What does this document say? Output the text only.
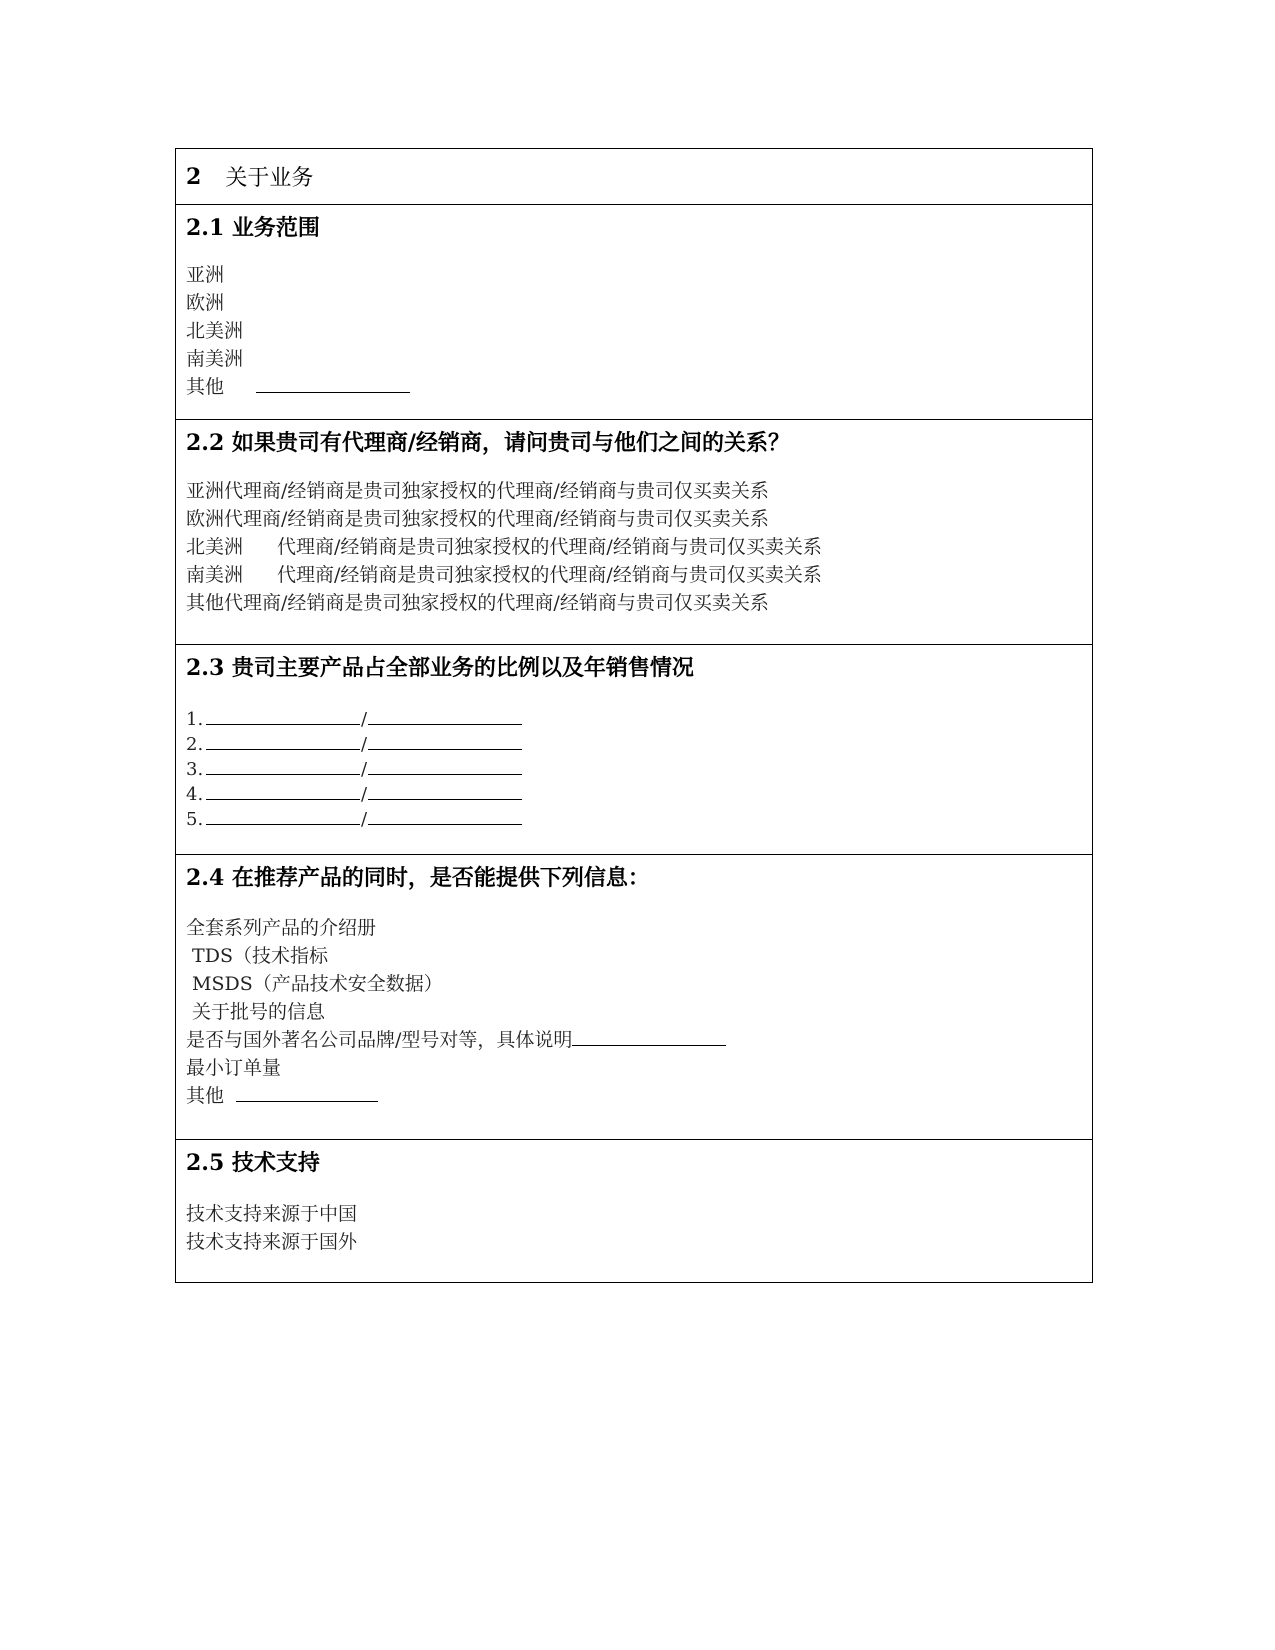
2 关于业务
2.1 业务范围
亚洲
欧洲
北美洲
南美洲
其他
2.2 如果贵司有代理商/经销商，请问贵司与他们之间的关系？
亚洲代理商/经销商是贵司独家授权的代理商/经销商与贵司仅买卖关系
欧洲代理商/经销商是贵司独家授权的代理商/经销商与贵司仅买卖关系
北美洲 代理商/经销商是贵司独家授权的代理商/经销商与贵司仅买卖关系
南美洲 代理商/经销商是贵司独家授权的代理商/经销商与贵司仅买卖关系
其他代理商/经销商是贵司独家授权的代理商/经销商与贵司仅买卖关系
2.3 贵司主要产品占全部业务的比例以及年销售情况
1.	/
2.	/
3.	/
4.	/
5.	/
2.4 在推荐产品的同时，是否能提供下列信息：
全套系列产品的介绍册
TDS（技术指标
MSDS（产品技术安全数据）
关于批号的信息
是否与国外著名公司品牌/型号对等，具体说明
最小订单量
其他
2.5 技术支持
技术支持来源于中国
技术支持来源于国外
